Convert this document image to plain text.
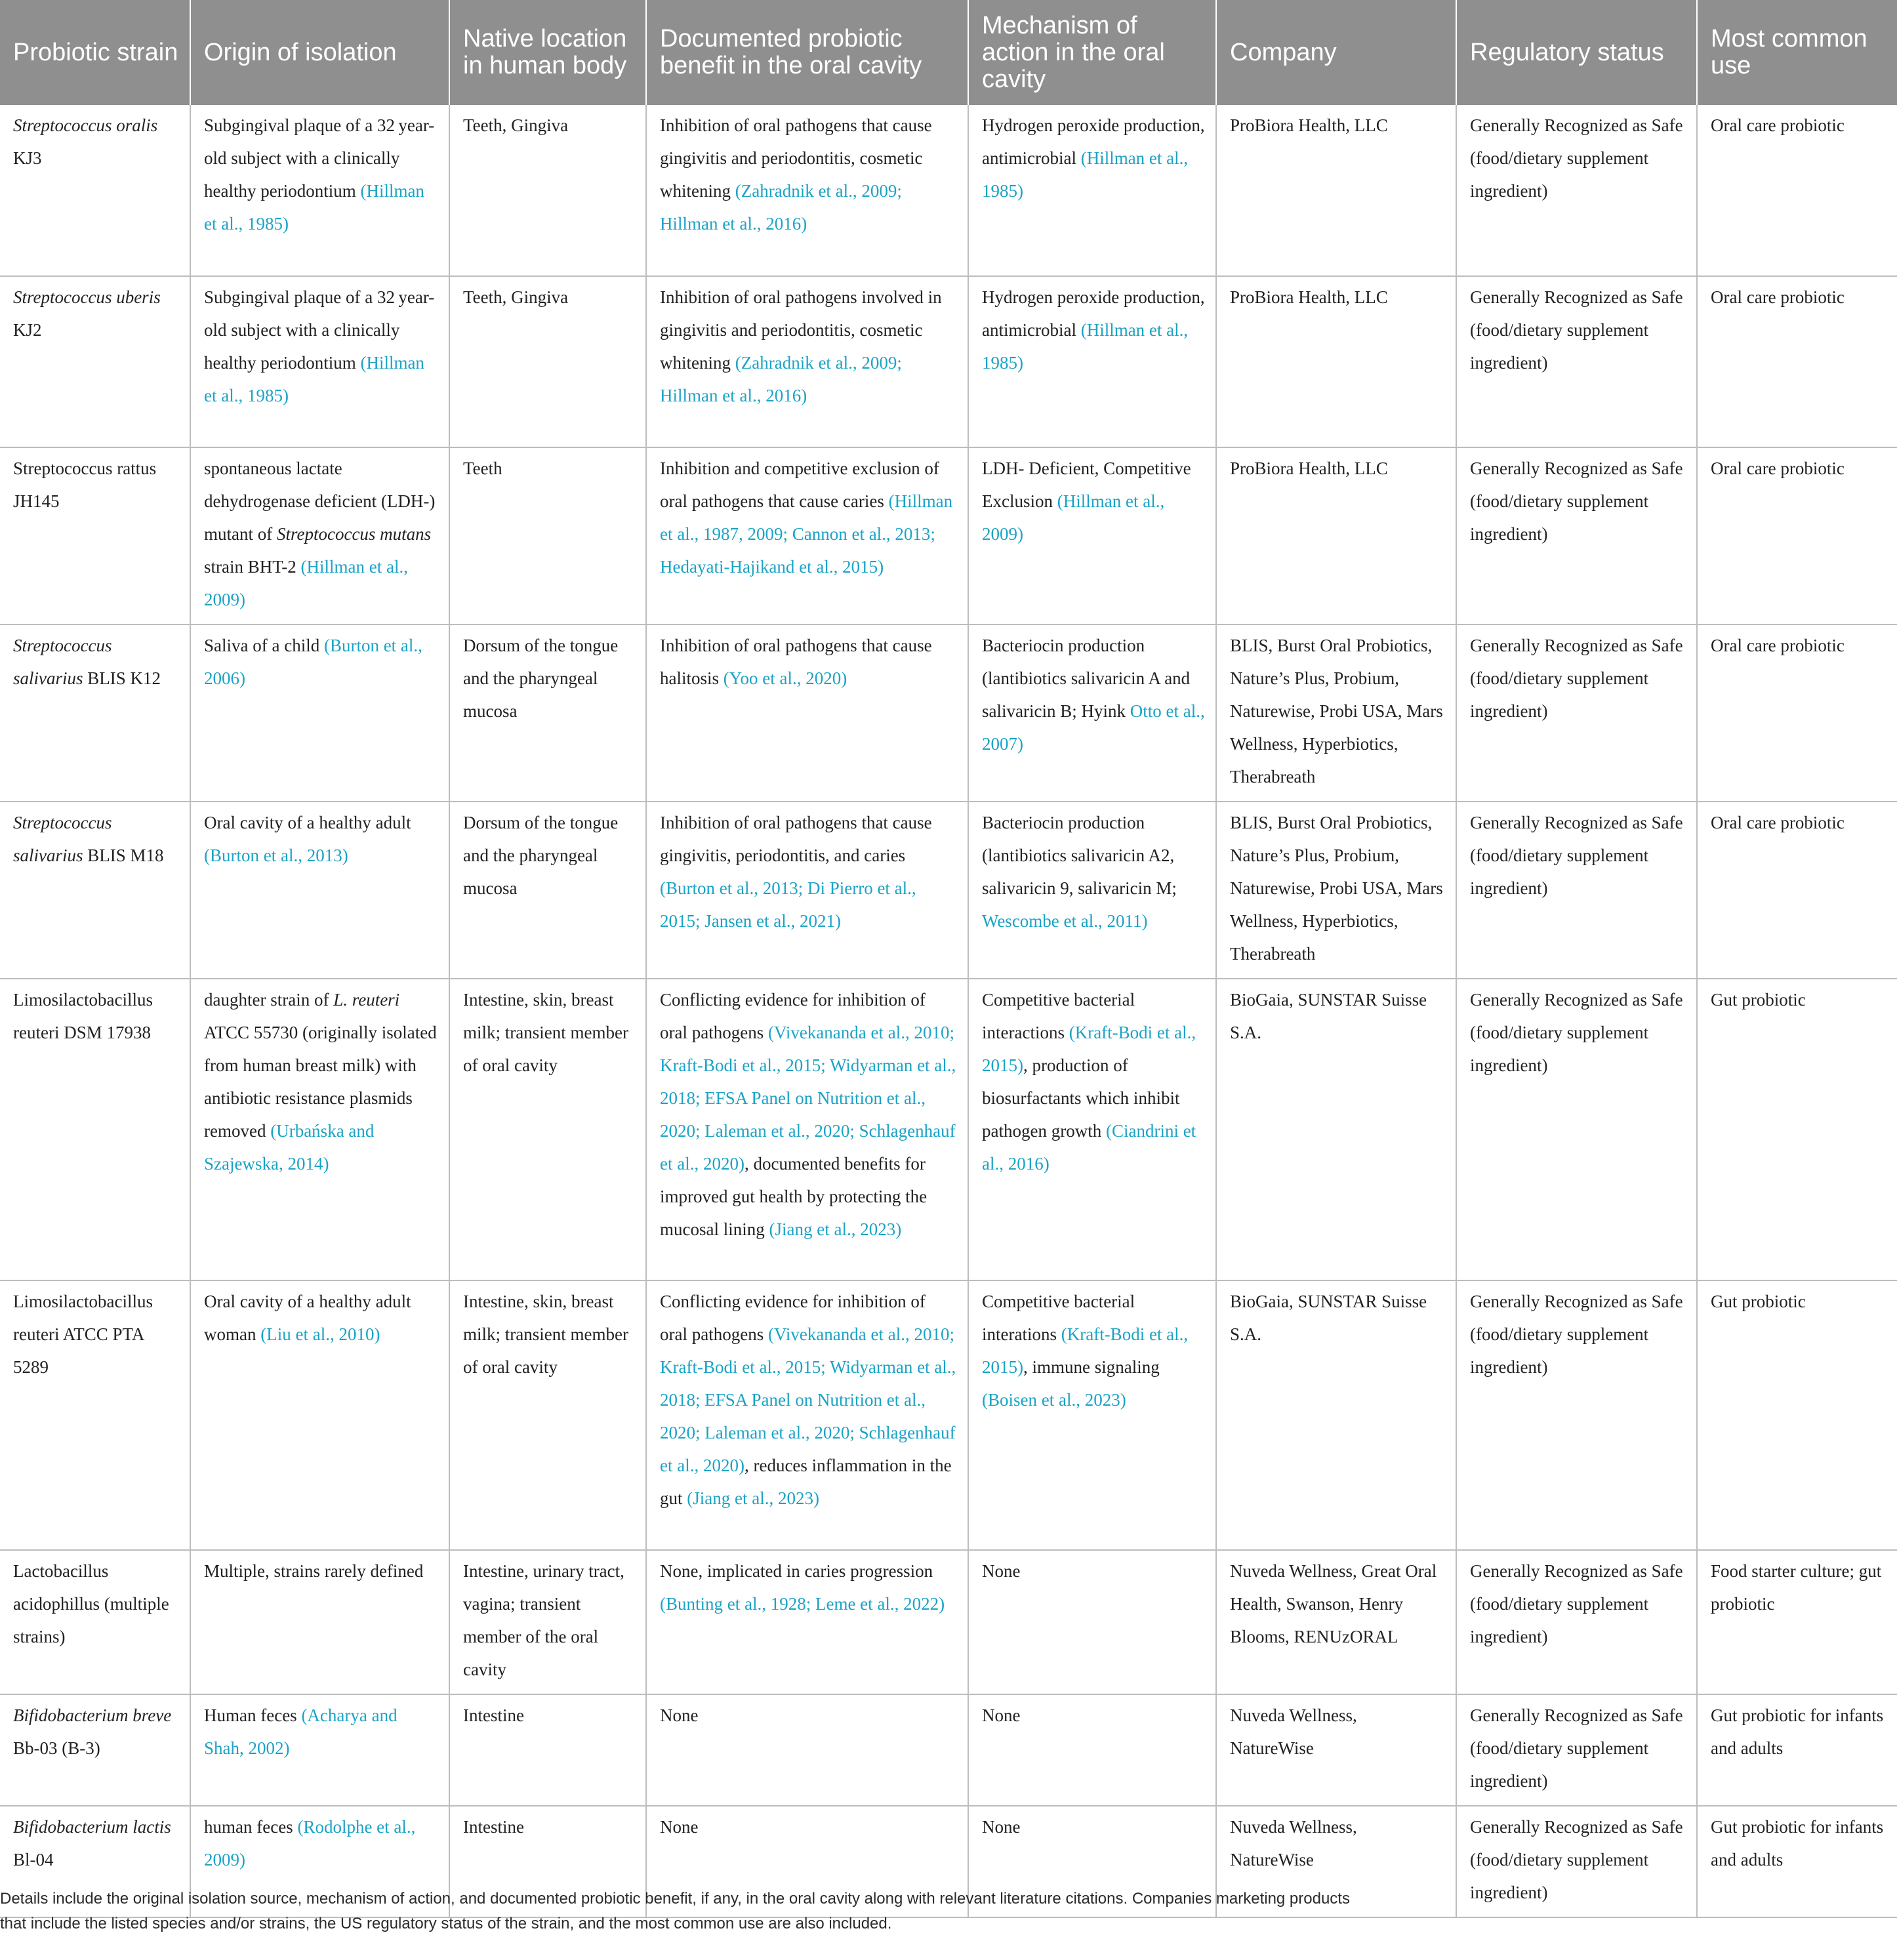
Probiotic strain	Origin of isolation	Native location in human body	Documented probiotic benefit in the oral cavity	Mechanism of action in the oral cavity	Company	Regulatory status	Most common use
Streptococcus oralis KJ3	Subgingival plaque of a 32 year-old subject with a clinically healthy periodontium (Hillman et al., 1985)	Teeth, Gingiva	Inhibition of oral pathogens that cause gingivitis and periodontitis, cosmetic whitening (Zahradnik et al., 2009; Hillman et al., 2016)	Hydrogen peroxide production, antimicrobial (Hillman et al., 1985)	ProBiora Health, LLC	Generally Recognized as Safe (food/dietary supplement ingredient)	Oral care probiotic
Streptococcus uberis KJ2	Subgingival plaque of a 32 year-old subject with a clinically healthy periodontium (Hillman et al., 1985)	Teeth, Gingiva	Inhibition of oral pathogens involved in gingivitis and periodontitis, cosmetic whitening (Zahradnik et al., 2009; Hillman et al., 2016)	Hydrogen peroxide production, antimicrobial (Hillman et al., 1985)	ProBiora Health, LLC	Generally Recognized as Safe (food/dietary supplement ingredient)	Oral care probiotic
Streptococcus rattus JH145	spontaneous lactate dehydrogenase deficient (LDH-) mutant of Streptococcus mutans strain BHT-2 (Hillman et al., 2009)	Teeth	Inhibition and competitive exclusion of oral pathogens that cause caries (Hillman et al., 1987, 2009; Cannon et al., 2013; Hedayati-Hajikand et al., 2015)	LDH- Deficient, Competitive Exclusion (Hillman et al., 2009)	ProBiora Health, LLC	Generally Recognized as Safe (food/dietary supplement ingredient)	Oral care probiotic
Streptococcus salivarius BLIS K12	Saliva of a child (Burton et al., 2006)	Dorsum of the tongue and the pharyngeal mucosa	Inhibition of oral pathogens that cause halitosis (Yoo et al., 2020)	Bacteriocin production (lantibiotics salivaricin A and salivaricin B; Hyink Otto et al., 2007)	BLIS, Burst Oral Probiotics, Nature’s Plus, Probium, Naturewise, Probi USA, Mars Wellness, Hyperbiotics, Therabreath	Generally Recognized as Safe (food/dietary supplement ingredient)	Oral care probiotic
Streptococcus salivarius BLIS M18	Oral cavity of a healthy adult (Burton et al., 2013)	Dorsum of the tongue and the pharyngeal mucosa	Inhibition of oral pathogens that cause gingivitis, periodontitis, and caries (Burton et al., 2013; Di Pierro et al., 2015; Jansen et al., 2021)	Bacteriocin production (lantibiotics salivaricin A2, salivaricin 9, salivaricin M; Wescombe et al., 2011)	BLIS, Burst Oral Probiotics, Nature’s Plus, Probium, Naturewise, Probi USA, Mars Wellness, Hyperbiotics, Therabreath	Generally Recognized as Safe (food/dietary supplement ingredient)	Oral care probiotic
Limosilactobacillus reuteri DSM 17938	daughter strain of L. reuteri ATCC 55730 (originally isolated from human breast milk) with antibiotic resistance plasmids removed (Urbańska and Szajewska, 2014)	Intestine, skin, breast milk; transient member of oral cavity	Conflicting evidence for inhibition of oral pathogens (Vivekananda et al., 2010; Kraft-Bodi et al., 2015; Widyarman et al., 2018; EFSA Panel on Nutrition et al., 2020; Laleman et al., 2020; Schlagenhauf et al., 2020), documented benefits for improved gut health by protecting the mucosal lining (Jiang et al., 2023)	Competitive bacterial interactions (Kraft-Bodi et al., 2015), production of biosurfactants which inhibit pathogen growth (Ciandrini et al., 2016)	BioGaia, SUNSTAR Suisse S.A.	Generally Recognized as Safe (food/dietary supplement ingredient)	Gut probiotic
Limosilactobacillus reuteri ATCC PTA 5289	Oral cavity of a healthy adult woman (Liu et al., 2010)	Intestine, skin, breast milk; transient member of oral cavity	Conflicting evidence for inhibition of oral pathogens (Vivekananda et al., 2010; Kraft-Bodi et al., 2015; Widyarman et al., 2018; EFSA Panel on Nutrition et al., 2020; Laleman et al., 2020; Schlagenhauf et al., 2020), reduces inflammation in the gut (Jiang et al., 2023)	Competitive bacterial interations (Kraft-Bodi et al., 2015), immune signaling (Boisen et al., 2023)	BioGaia, SUNSTAR Suisse S.A.	Generally Recognized as Safe (food/dietary supplement ingredient)	Gut probiotic
Lactobacillus acidophillus (multiple strains)	Multiple, strains rarely defined	Intestine, urinary tract, vagina; transient member of the oral cavity	None, implicated in caries progression (Bunting et al., 1928; Leme et al., 2022)	None	Nuveda Wellness, Great Oral Health, Swanson, Henry Blooms, RENUzORAL	Generally Recognized as Safe (food/dietary supplement ingredient)	Food starter culture; gut probiotic
Bifidobacterium breve Bb-03 (B-3)	Human feces (Acharya and Shah, 2002)	Intestine	None	None	Nuveda Wellness, NatureWise	Generally Recognized as Safe (food/dietary supplement ingredient)	Gut probiotic for infants and adults
Bifidobacterium lactis Bl-04	human feces (Rodolphe et al., 2009)	Intestine	None	None	Nuveda Wellness, NatureWise	Generally Recognized as Safe (food/dietary supplement ingredient)	Gut probiotic for infants and adults
Details include the original isolation source, mechanism of action, and documented probiotic benefit, if any, in the oral cavity along with relevant literature citations. Companies marketing products that include the listed species and/or strains, the US regulatory status of the strain, and the most common use are also included.
